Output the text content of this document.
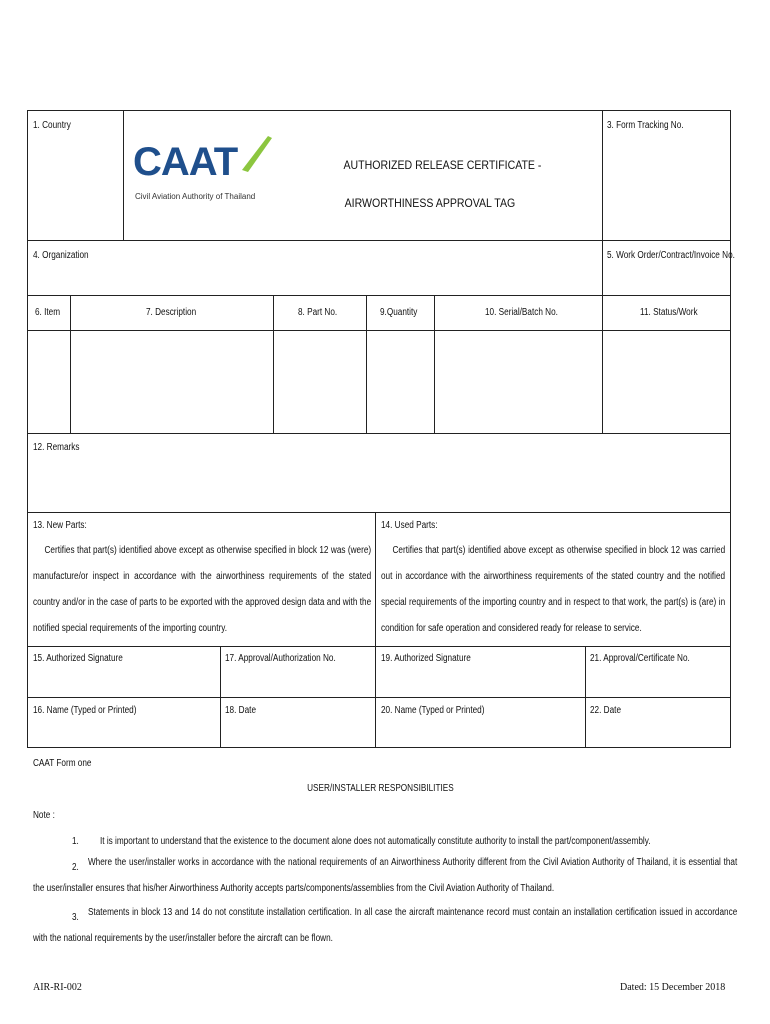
1. Country	3. Form Tracking No.
CAAT
Civil Aviation Authority of Thailand
AUTHORIZED RELEASE CERTIFICATE -
AIRWORTHINESS APPROVAL TAG
4. Organization	5. Work Order/Contract/Invoice No.
6. Item	7. Description	8. Part No.	9.Quantity	10. Serial/Batch No.	11. Status/Work
12. Remarks
13. New Parts:

Certifies that part(s) identified above except as otherwise specified in block 12 was (were) manufacture/or inspect in accordance with the airworthiness requirements of the stated country and/or in the case of parts to be exported with the approved design data and with the notified special requirements of the importing country.

14. Used Parts:

Certifies that part(s) identified above except as otherwise specified in block 12 was carried out in accordance with the airworthiness requirements of the stated country and the notified special requirements of the importing country and in respect to that work, the part(s) is (are) in condition for safe operation and considered ready for release to service.

15. Authorized Signature	17. Approval/Authorization No.	19. Authorized Signature	21. Approval/Certificate No.
16. Name (Typed or Printed)	18. Date	20. Name (Typed or Printed)	22. Date
CAAT Form one
USER/INSTALLER RESPONSIBILITIES
Note :
1. It is important to understand that the existence to the document alone does not automatically constitute authority to install the part/component/assembly.
2. Where the user/installer works in accordance with the national requirements of an Airworthiness Authority different from the Civil Aviation Authority of Thailand, it is essential that the user/installer ensures that his/her Airworthiness Authority accepts parts/components/assemblies from the Civil Aviation Authority of Thailand.

3. Statements in block 13 and 14 do not constitute installation certification. In all case the aircraft maintenance record must contain an installation certification issued in accordance with the national requirements by the user/installer before the aircraft can be flown.

AIR-RI-002	Dated: 15 December 2018
